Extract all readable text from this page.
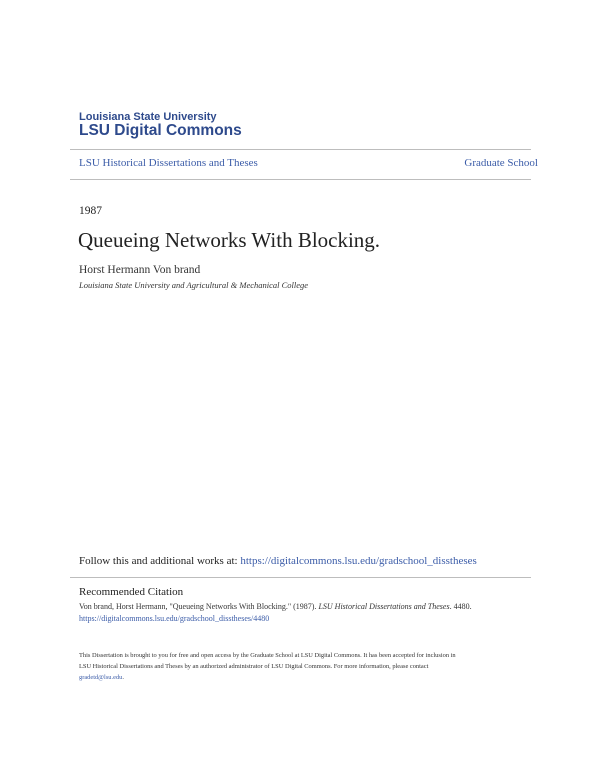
Louisiana State University
LSU Digital Commons
LSU Historical Dissertations and Theses	Graduate School
1987
Queueing Networks With Blocking.
Horst Hermann Von brand
Louisiana State University and Agricultural & Mechanical College
Follow this and additional works at: https://digitalcommons.lsu.edu/gradschool_disstheses
Recommended Citation
Von brand, Horst Hermann, "Queueing Networks With Blocking." (1987). LSU Historical Dissertations and Theses. 4480.
https://digitalcommons.lsu.edu/gradschool_disstheses/4480
This Dissertation is brought to you for free and open access by the Graduate School at LSU Digital Commons. It has been accepted for inclusion in
LSU Historical Dissertations and Theses by an authorized administrator of LSU Digital Commons. For more information, please contact
gradetd@lsu.edu.
